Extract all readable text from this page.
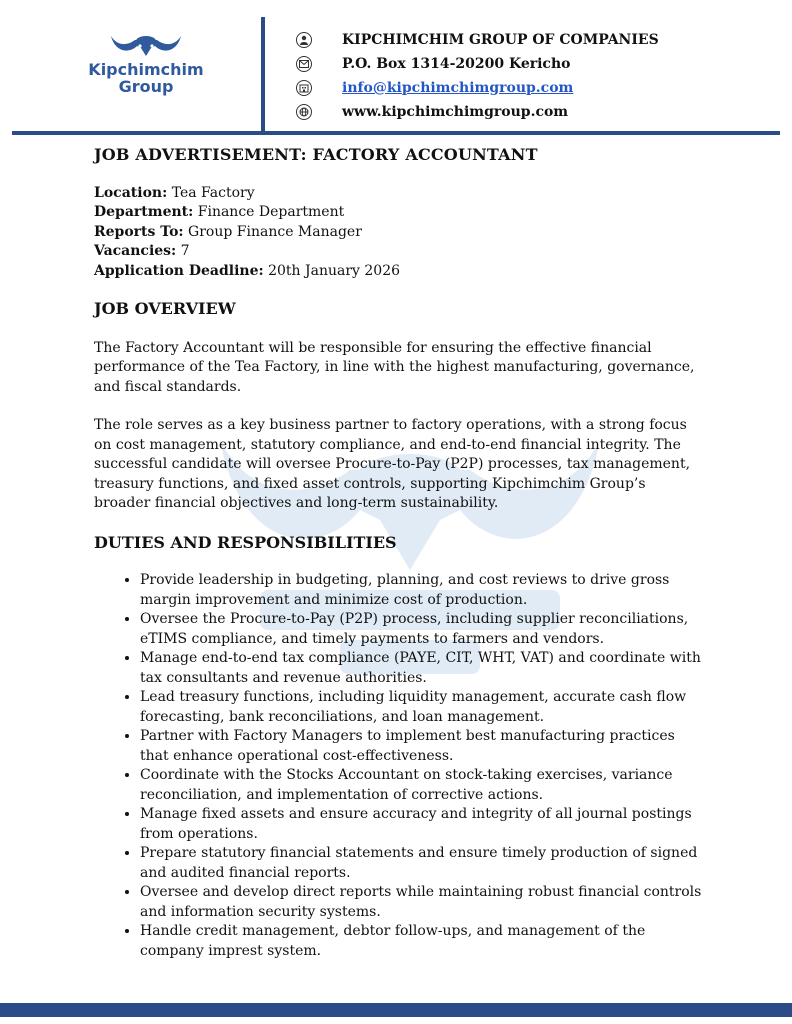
Kipchimchim
Group
KIPCHIMCHIM GROUP OF COMPANIES
P.O. Box 1314-20200 Kericho
info@kipchimchimgroup.com
www.kipchimchimgroup.com
JOB ADVERTISEMENT: FACTORY ACCOUNTANT
Location: Tea Factory
Department: Finance Department
Reports To: Group Finance Manager
Vacancies: 7
Application Deadline: 20th January 2026
JOB OVERVIEW

The Factory Accountant will be responsible for ensuring the effective financial performance of the Tea Factory, in line with the highest manufacturing, governance, and fiscal standards.

The role serves as a key business partner to factory operations, with a strong focus on cost management, statutory compliance, and end-to-end financial integrity. The successful candidate will oversee Procure-to-Pay (P2P) processes, tax management, treasury functions, and fixed asset controls, supporting Kipchimchim Group’s broader financial objectives and long-term sustainability.

DUTIES AND RESPONSIBILITIES
• Provide leadership in budgeting, planning, and cost reviews to drive gross margin improvement and minimize cost of production.
• Oversee the Procure-to-Pay (P2P) process, including supplier reconciliations, eTIMS compliance, and timely payments to farmers and vendors.
• Manage end-to-end tax compliance (PAYE, CIT, WHT, VAT) and coordinate with tax consultants and revenue authorities.
• Lead treasury functions, including liquidity management, accurate cash flow forecasting, bank reconciliations, and loan management.
• Partner with Factory Managers to implement best manufacturing practices that enhance operational cost-effectiveness.
• Coordinate with the Stocks Accountant on stock-taking exercises, variance reconciliation, and implementation of corrective actions.
• Manage fixed assets and ensure accuracy and integrity of all journal postings from operations.
• Prepare statutory financial statements and ensure timely production of signed and audited financial reports.
• Oversee and develop direct reports while maintaining robust financial controls and information security systems.
• Handle credit management, debtor follow-ups, and management of the company imprest system.
